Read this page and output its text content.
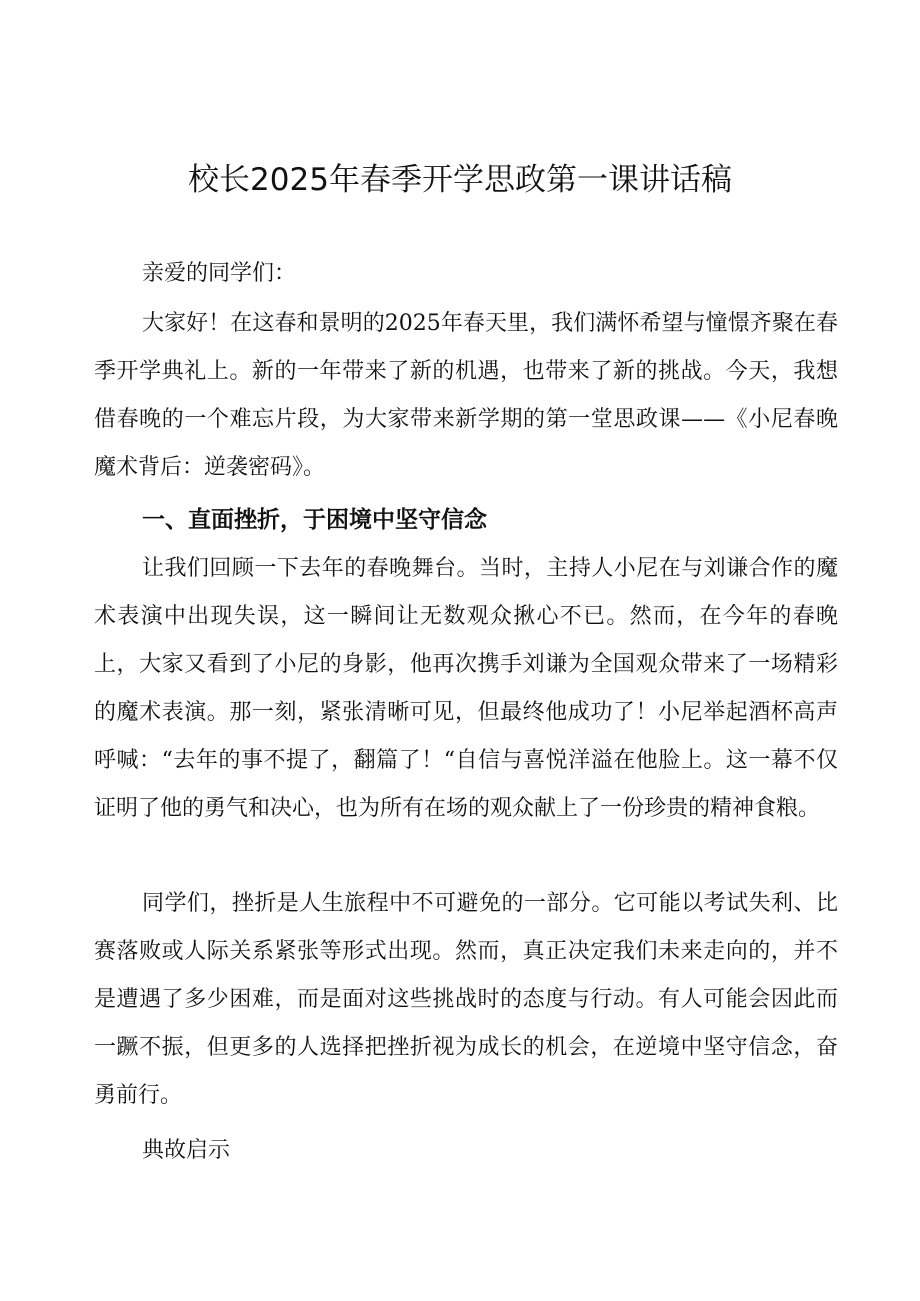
校长2025年春季开学思政第一课讲话稿

亲爱的同学们：

大家好！在这春和景明的2025年春天里，我们满怀希望与憧憬齐聚在春季开学典礼上。新的一年带来了新的机遇，也带来了新的挑战。今天，我想借春晚的一个难忘片段，为大家带来新学期的第一堂思政课——《小尼春晚魔术背后：逆袭密码》。

一、直面挫折，于困境中坚守信念

让我们回顾一下去年的春晚舞台。当时，主持人小尼在与刘谦合作的魔术表演中出现失误，这一瞬间让无数观众揪心不已。然而，在今年的春晚上，大家又看到了小尼的身影，他再次携手刘谦为全国观众带来了一场精彩的魔术表演。那一刻，紧张清晰可见，但最终他成功了！小尼举起酒杯高声呼喊：“去年的事不提了，翻篇了！“自信与喜悦洋溢在他脸上。这一幕不仅证明了他的勇气和决心，也为所有在场的观众献上了一份珍贵的精神食粮。

同学们，挫折是人生旅程中不可避免的一部分。它可能以考试失利、比赛落败或人际关系紧张等形式出现。然而，真正决定我们未来走向的，并不是遭遇了多少困难，而是面对这些挑战时的态度与行动。有人可能会因此而一蹶不振，但更多的人选择把挫折视为成长的机会，在逆境中坚守信念，奋勇前行。

典故启示
